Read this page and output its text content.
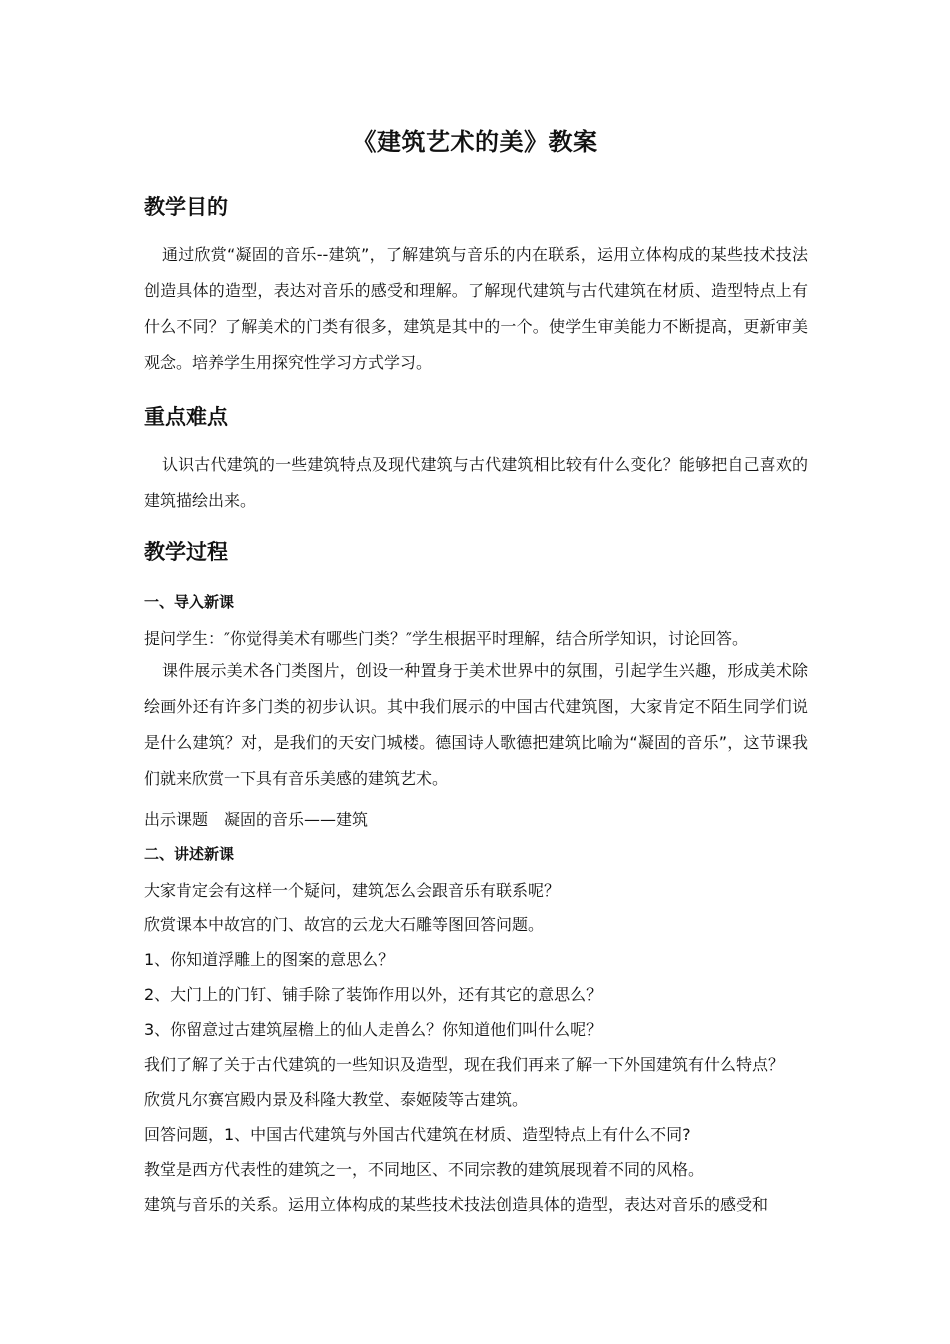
《建筑艺术的美》教案
教学目的
通过欣赏“凝固的音乐--建筑”，了解建筑与音乐的内在联系，运用立体构成的某些技术技法创造具体的造型，表达对音乐的感受和理解。了解现代建筑与古代建筑在材质、造型特点上有什么不同？了解美术的门类有很多，建筑是其中的一个。使学生审美能力不断提高，更新审美观念。培养学生用探究性学习方式学习。
重点难点
认识古代建筑的一些建筑特点及现代建筑与古代建筑相比较有什么变化？能够把自己喜欢的建筑描绘出来。
教学过程
一、导入新课
提问学生：″你觉得美术有哪些门类？″学生根据平时理解，结合所学知识，讨论回答。
课件展示美术各门类图片，创设一种置身于美术世界中的氛围，引起学生兴趣，形成美术除绘画外还有许多门类的初步认识。其中我们展示的中国古代建筑图，大家肯定不陌生同学们说是什么建筑？对，是我们的天安门城楼。德国诗人歌德把建筑比喻为“凝固的音乐”，这节课我们就来欣赏一下具有音乐美感的建筑艺术。
出示课题　凝固的音乐——建筑
二、讲述新课
大家肯定会有这样一个疑问，建筑怎么会跟音乐有联系呢？
欣赏课本中故宫的门、故宫的云龙大石雕等图回答问题。
1、你知道浮雕上的图案的意思么？
2、大门上的门钉、铺手除了装饰作用以外，还有其它的意思么？
3、你留意过古建筑屋檐上的仙人走兽么？你知道他们叫什么呢？
我们了解了关于古代建筑的一些知识及造型，现在我们再来了解一下外国建筑有什么特点？
欣赏凡尔赛宫殿内景及科隆大教堂、泰姬陵等古建筑。
回答问题，1、中国古代建筑与外国古代建筑在材质、造型特点上有什么不同?
教堂是西方代表性的建筑之一，不同地区、不同宗教的建筑展现着不同的风格。
建筑与音乐的关系。运用立体构成的某些技术技法创造具体的造型，表达对音乐的感受和
